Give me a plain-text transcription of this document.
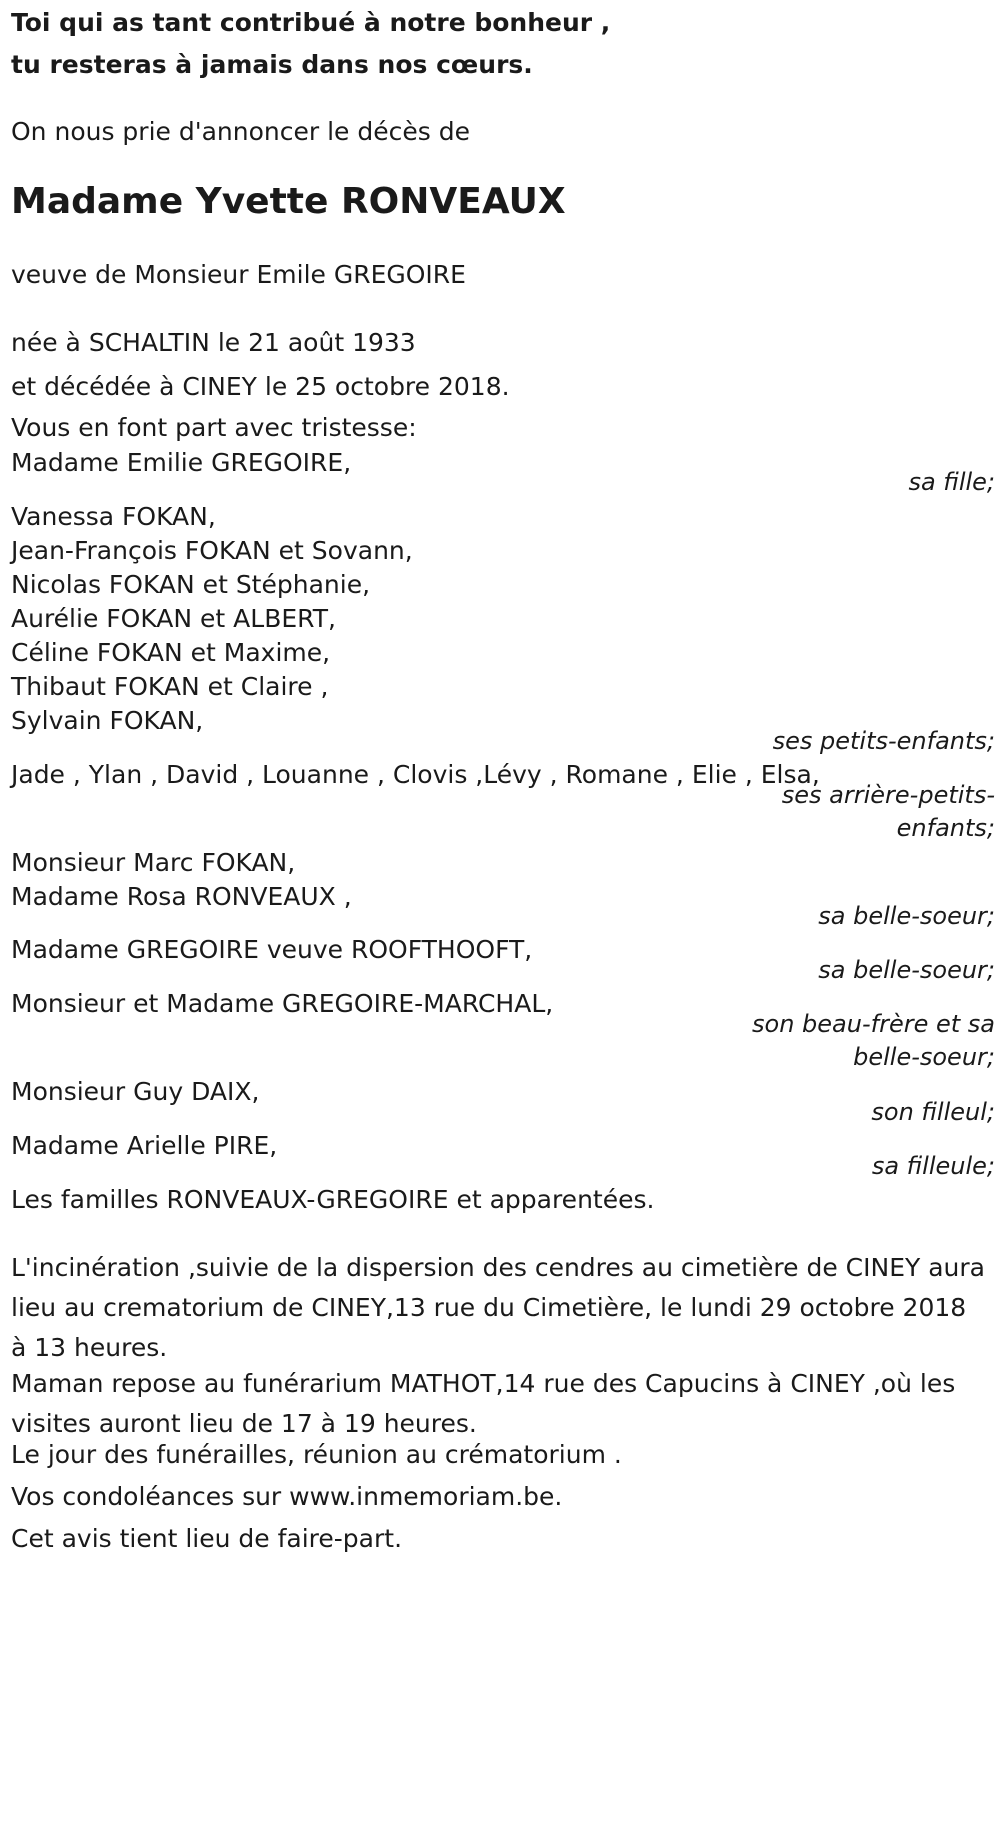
Toi qui as tant contribué à notre bonheur ,
tu resteras à jamais dans nos cœurs.
On nous prie d'annoncer le décès de
Madame Yvette RONVEAUX
veuve de Monsieur Emile GREGOIRE
née à SCHALTIN le 21 août 1933
et décédée à CINEY le 25 octobre 2018.
Vous en font part avec tristesse:
Madame Emilie GREGOIRE,
sa fille;
Vanessa FOKAN,
Jean-François FOKAN et Sovann,
Nicolas FOKAN et Stéphanie,
Aurélie FOKAN et ALBERT,
Céline FOKAN et Maxime,
Thibaut FOKAN et Claire ,
Sylvain FOKAN,
ses petits-enfants;
Jade , Ylan , David , Louanne , Clovis ,Lévy , Romane , Elie , Elsa,
ses arrière-petits-
enfants;
Monsieur Marc FOKAN,
Madame Rosa RONVEAUX ,
sa belle-soeur;
Madame GREGOIRE veuve ROOFTHOOFT,
sa belle-soeur;
Monsieur et Madame GREGOIRE-MARCHAL,
son beau-frère et sa
belle-soeur;
Monsieur Guy DAIX,
son filleul;
Madame Arielle PIRE,
sa filleule;
Les familles RONVEAUX-GREGOIRE et apparentées.
L'incinération ,suivie de la dispersion des cendres au cimetière de CINEY aura lieu au crematorium de CINEY,13 rue du Cimetière, le lundi 29 octobre 2018 à 13 heures.
Maman repose au funérarium MATHOT,14 rue des Capucins à CINEY ,où les visites auront lieu de 17 à 19 heures.
Le jour des funérailles, réunion au crématorium .
Vos condoléances sur www.inmemoriam.be.
Cet avis tient lieu de faire-part.
